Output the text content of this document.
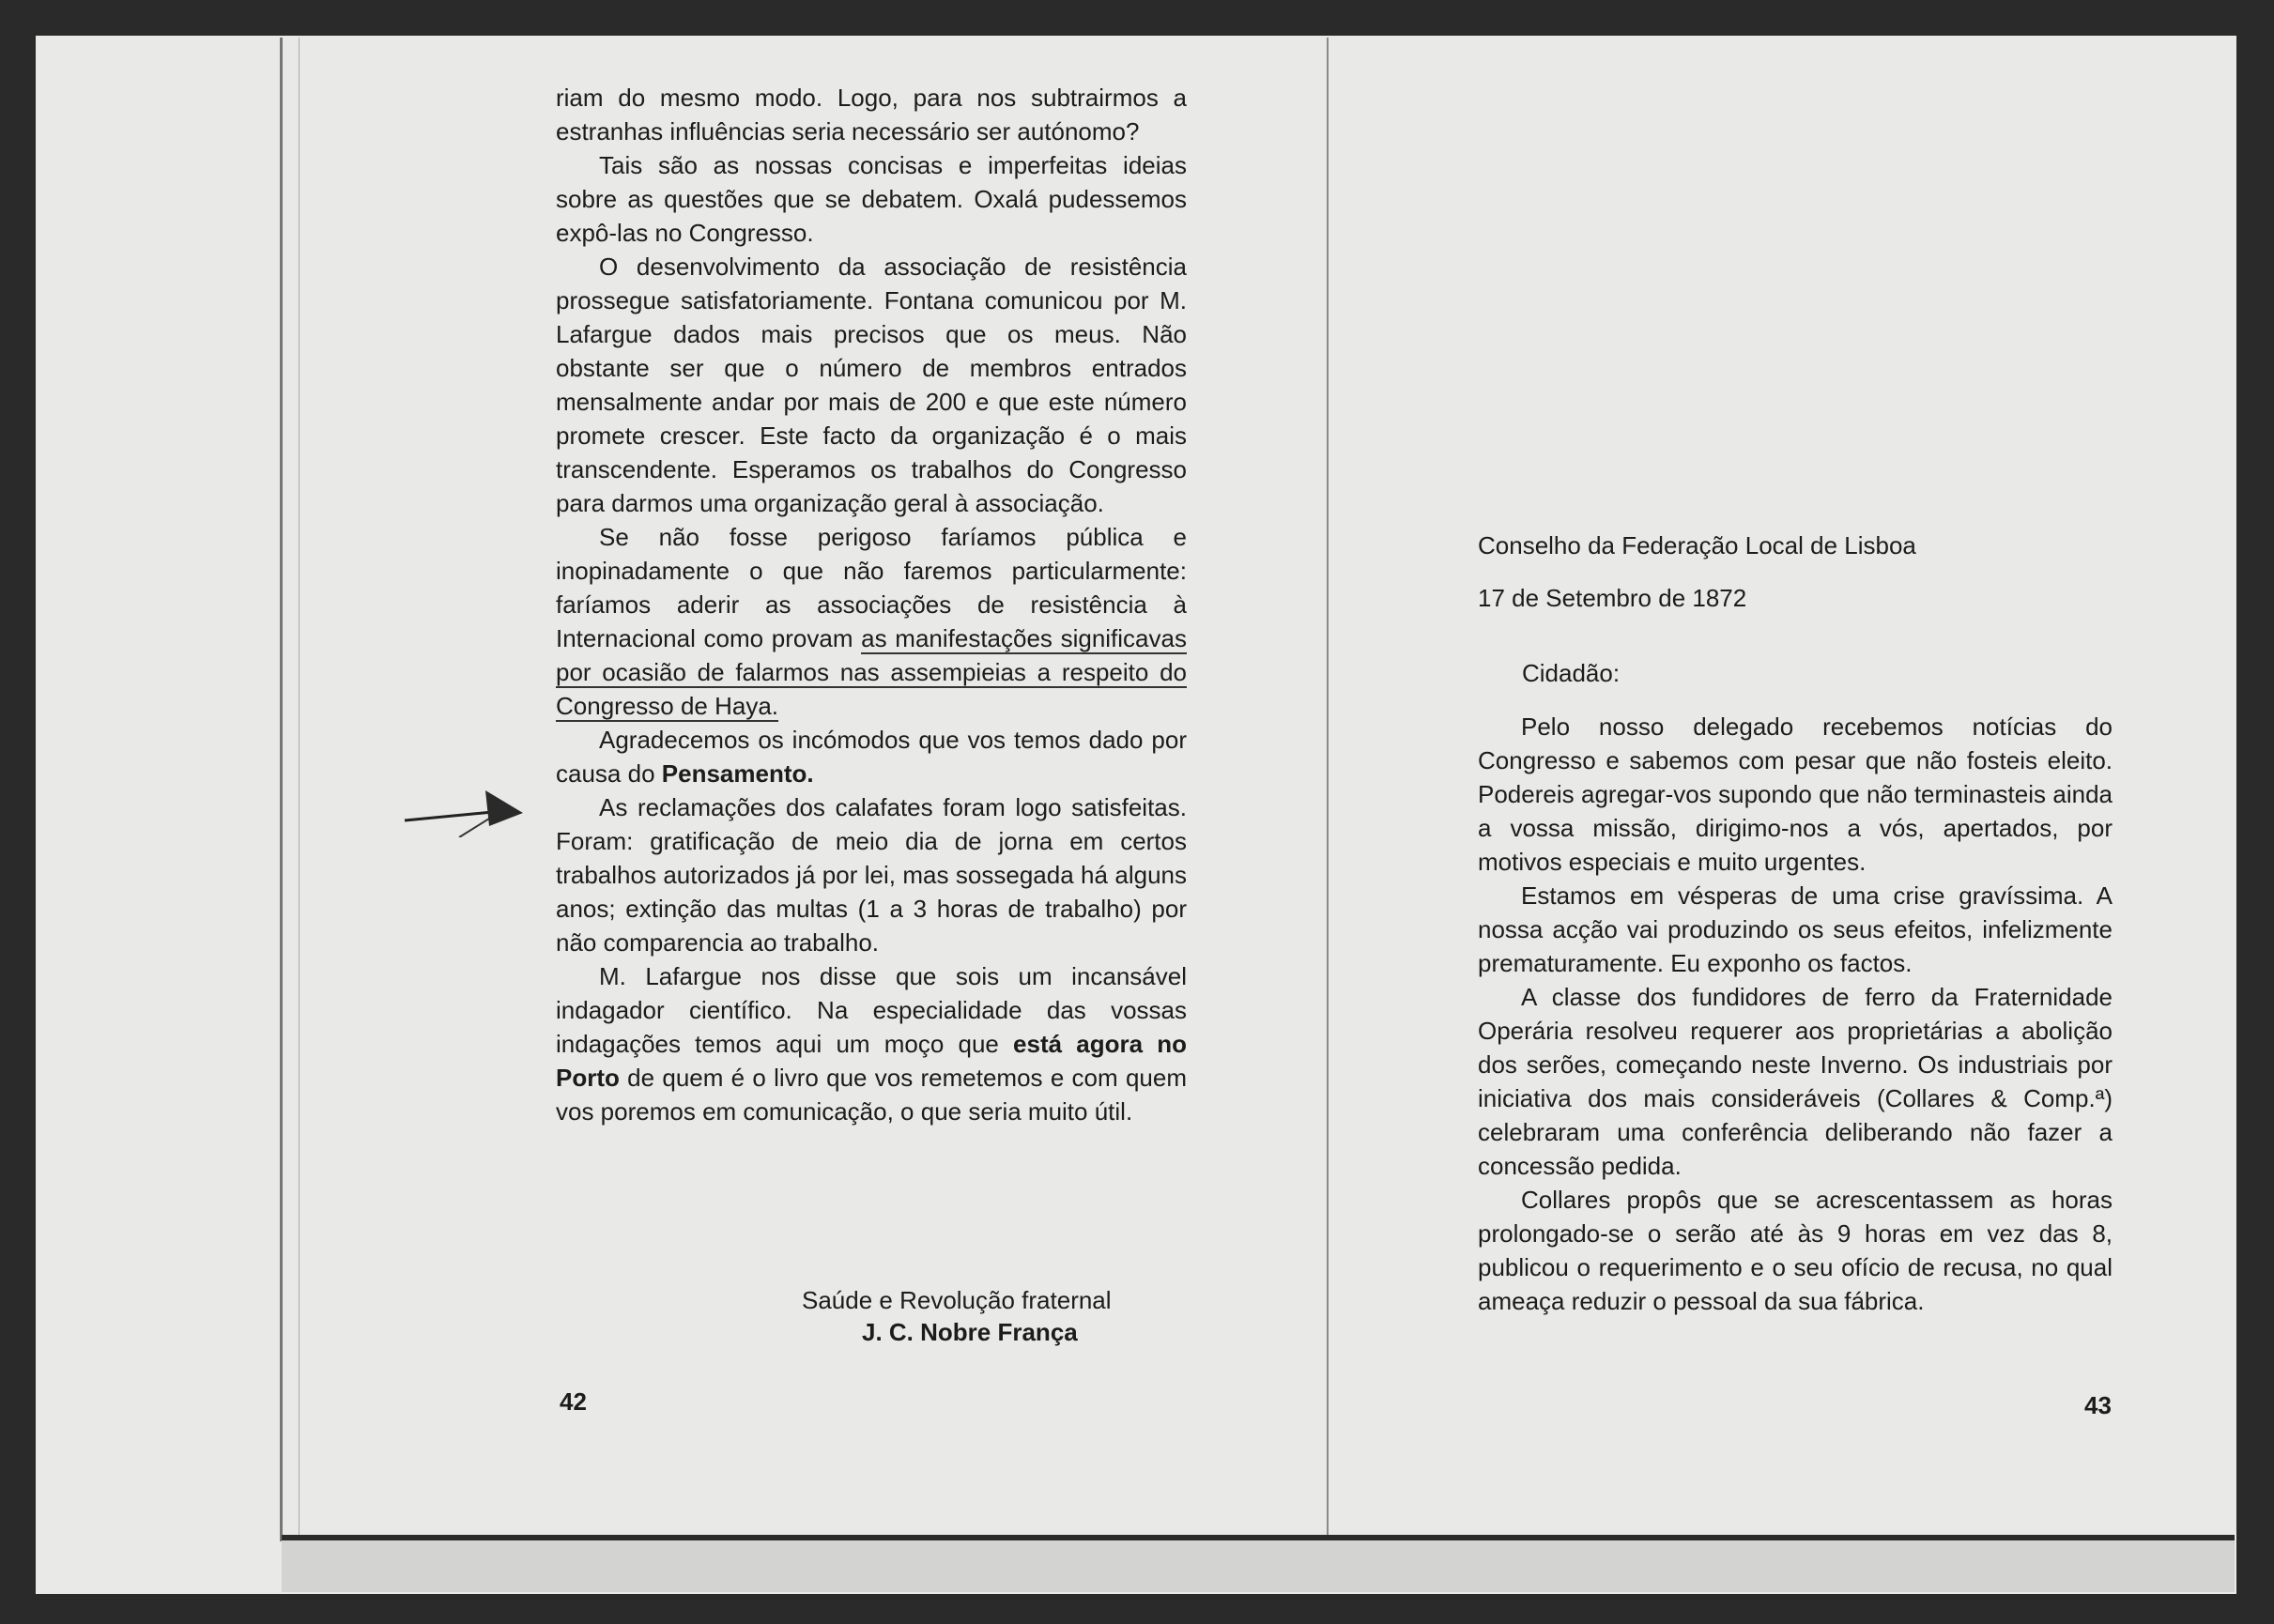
riam do mesmo modo. Logo, para nos subtrairmos a estranhas influências seria necessário ser autónomo?

Tais são as nossas concisas e imperfeitas ideias sobre as questões que se debatem. Oxalá pudessemos expô-las no Congresso.

O desenvolvimento da associação de resistência prossegue satisfatoriamente. Fontana comunicou por M. Lafargue dados mais precisos que os meus. Não obstante ser que o número de membros entrados mensalmente andar por mais de 200 e que este número promete crescer. Este facto da organização é o mais transcendente. Esperamos os trabalhos do Congresso para darmos uma organização geral à associação.

Se não fosse perigoso faríamos pública e inopinadamente o que não faremos particularmente: faríamos aderir as associações de resistência à Internacional como provam as manifestações significavas por ocasião de falarmos nas assempieias a respeito do Congresso de Haya.

Agradecemos os incómodos que vos temos dado por causa do Pensamento.

As reclamações dos calafates foram logo satisfeitas. Foram: gratificação de meio dia de jorna em certos trabalhos autorizados já por lei, mas sossegada há alguns anos; extinção das multas (1 a 3 horas de trabalho) por não comparencia ao trabalho.

M. Lafargue nos disse que sois um incansável indagador científico. Na especialidade das vossas indagações temos aqui um moço que está agora no Porto de quem é o livro que vos remetemos e com quem vos poremos em comunicação, o que seria muito útil.

Saúde e Revolução fraternal
J. C. Nobre França
42
Conselho da Federação Local de Lisboa
17 de Setembro de 1872
Cidadão:

Pelo nosso delegado recebemos notícias do Congresso e sabemos com pesar que não fosteis eleito. Podereis agregar-vos supondo que não terminasteis ainda a vossa missão, dirigimo-nos a vós, apertados, por motivos especiais e muito urgentes.

Estamos em vésperas de uma crise gravíssima. A nossa acção vai produzindo os seus efeitos, infelizmente prematuramente. Eu exponho os factos.

A classe dos fundidores de ferro da Fraternidade Operária resolveu requerer aos proprietárias a abolição dos serões, começando neste Inverno. Os industriais por iniciativa dos mais consideráveis (Collares & Comp.ª) celebraram uma conferência deliberando não fazer a concessão pedida.

Collares propôs que se acrescentassem as horas prolongado-se o serão até às 9 horas em vez das 8, publicou o requerimento e o seu ofício de recusa, no qual ameaça reduzir o pessoal da sua fábrica.

43
